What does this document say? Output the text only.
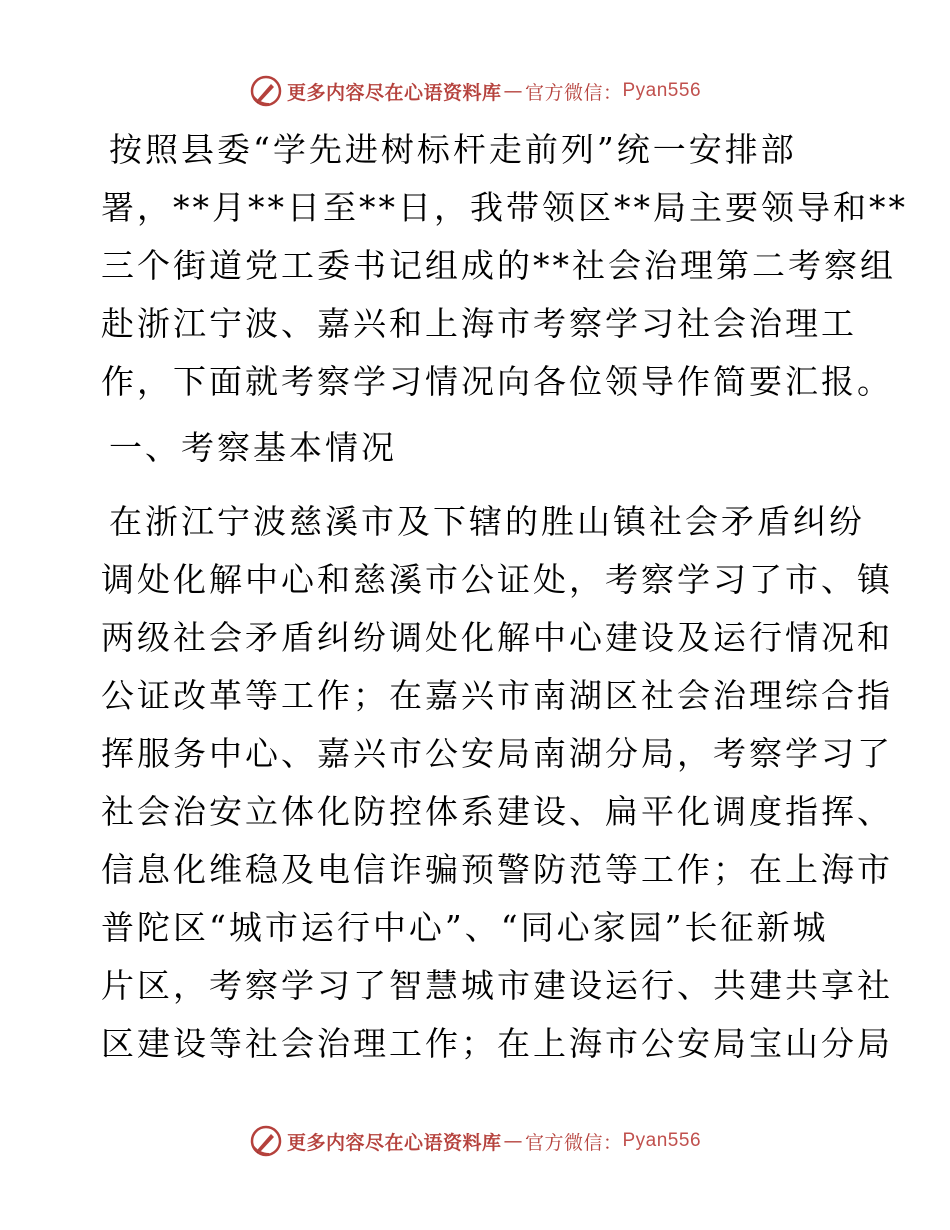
更多内容尽在心语资料库 — 官方微信： Pyan556
按照县委“学先进树标杆走前列”统一安排部
署，**月**日至**日，我带领区**局主要领导和**
三个街道党工委书记组成的**社会治理第二考察组
赴浙江宁波、嘉兴和上海市考察学习社会治理工
作，下面就考察学习情况向各位领导作简要汇报。
一、考察基本情况
在浙江宁波慈溪市及下辖的胜山镇社会矛盾纠纷
调处化解中心和慈溪市公证处，考察学习了市、镇
两级社会矛盾纠纷调处化解中心建设及运行情况和
公证改革等工作；在嘉兴市南湖区社会治理综合指
挥服务中心、嘉兴市公安局南湖分局，考察学习了
社会治安立体化防控体系建设、扁平化调度指挥、
信息化维稳及电信诈骗预警防范等工作；在上海市
普陀区“城市运行中心”、“同心家园”长征新城
片区，考察学习了智慧城市建设运行、共建共享社
区建设等社会治理工作；在上海市公安局宝山分局
更多内容尽在心语资料库 — 官方微信： Pyan556
